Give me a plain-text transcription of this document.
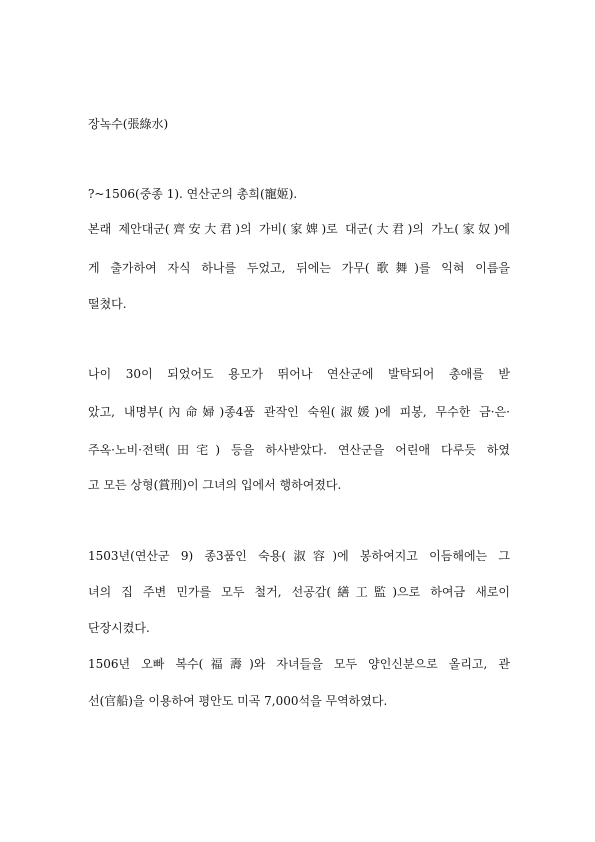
장녹수(張綠水)
?~1506(중종 1). 연산군의 총희(寵姬).
본래 제안대군(齊安大君)의 가비(家婢)로 대군(大君)의 가노(家奴)에
게 출가하여 자식 하나를 두었고, 뒤에는 가무(歌舞)를 익혀 이름을
떨쳤다.
나이 30이 되었어도 용모가 뛰어나 연산군에 발탁되어 총애를 받
았고, 내명부(內命婦)종4품 관작인 숙원(淑媛)에 피봉, 무수한 금·은·
주옥·노비·전택(田宅) 등을 하사받았다. 연산군을 어린애 다루듯 하였
고 모든 상형(賞刑)이 그녀의 입에서 행하여졌다.
1503년(연산군 9) 종3품인 숙용(淑容)에 봉하여지고 이듬해에는 그
녀의 집 주변 민가를 모두 철거, 선공감(繕工監)으로 하여금 새로이
단장시켰다.
1506년 오빠 복수(福壽)와 자녀들을 모두 양인신분으로 올리고, 관
선(官船)을 이용하여 평안도 미곡 7,000석을 무역하였다.
